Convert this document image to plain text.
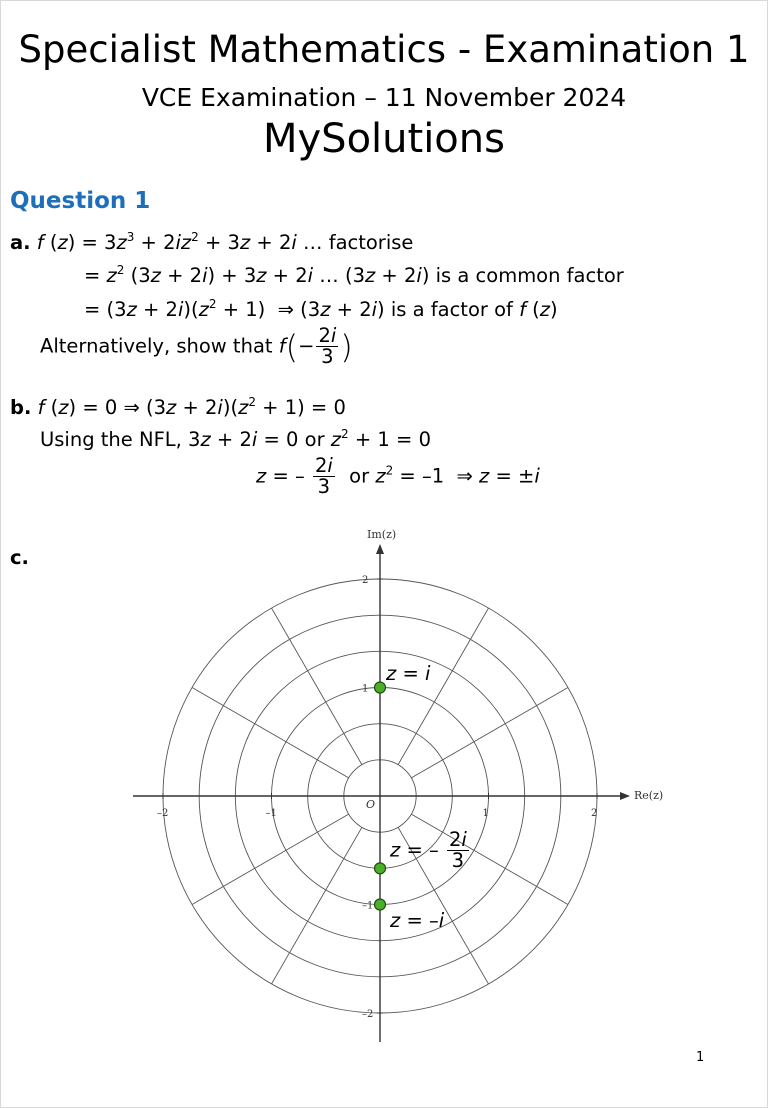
Specialist Mathematics - Examination 1
VCE Examination – 11 November 2024
MySolutions
Question 1
a. f $(z) = 3z^3 + 2iz^2 + 3z + 2i$ … factorise
= $z^2$ (3z + 2i) + 3z + 2i … (3z + 2i) is a common factor
= $(3z + 2i)(z^2 + 1)$  ⇒ (3z + 2i) is a factor of f (z)
Alternatively, show that $f(- \frac{2i}{3}$ )
b. f (z) = 0 ⇒ $(3z + 2i)(z^2 + 1) = 0$
Using the NFL, 3z + 2i = 0 or $z^2 + 1 = 0$
z = – $\frac{2i}{3}$ or $z^2 = -1$  ⇒ z = ±i
c.
–2	–1	1	2
2
1
–1
–2
Re(z)
Im(z)
O
z = i
z = – $\frac{2i}{3}$
z = –i
1
